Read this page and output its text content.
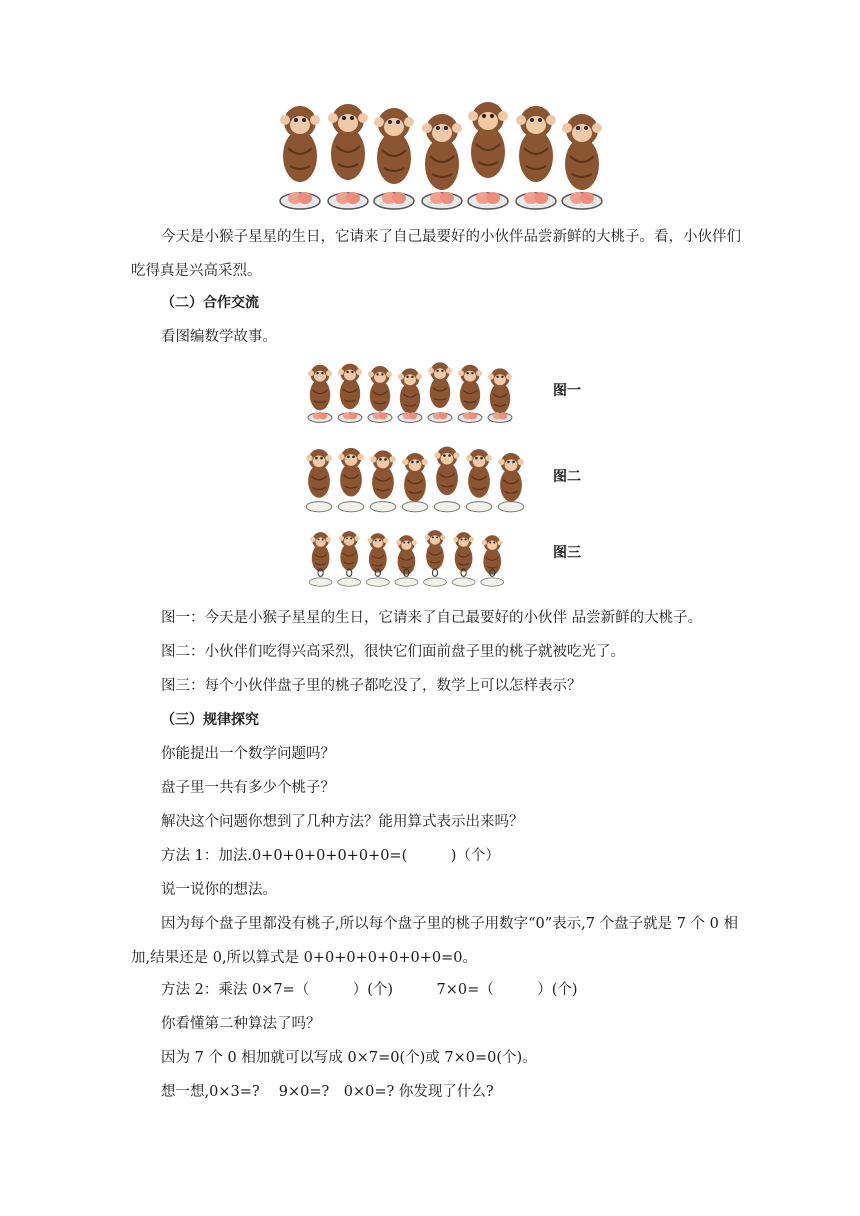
今天是小猴子星星的生日，它请来了自己最要好的小伙伴品尝新鲜的大桃子。看，小伙伴们吃得真是兴高采烈。
（二）合作交流
看图编数学故事。
图一
图二
图三
图一：今天是小猴子星星的生日，它请来了自己最要好的小伙伴 品尝新鲜的大桃子。
图二：小伙伴们吃得兴高采烈，很快它们面前盘子里的桃子就被吃光了。
图三：每个小伙伴盘子里的桃子都吃没了，数学上可以怎样表示？
（三）规律探究
你能提出一个数学问题吗？
盘子里一共有多少个桃子？
解决这个问题你想到了几种方法？能用算式表示出来吗？
方法 1：加法.0+0+0+0+0+0+0=(　　　)（个）
说一说你的想法。
因为每个盘子里都没有桃子,所以每个盘子里的桃子用数字“0”表示,7 个盘子就是 7 个 0 相加,结果还是 0,所以算式是 0+0+0+0+0+0+0=0。
方法 2：乘法 0×7=（　　　）(个)　　　7×0=（　　　）(个)
你看懂第二种算法了吗？
因为 7 个 0 相加就可以写成 0×7=0(个)或 7×0=0(个)。
想一想,0×3=?　 9×0=?　0×0=? 你发现了什么?
